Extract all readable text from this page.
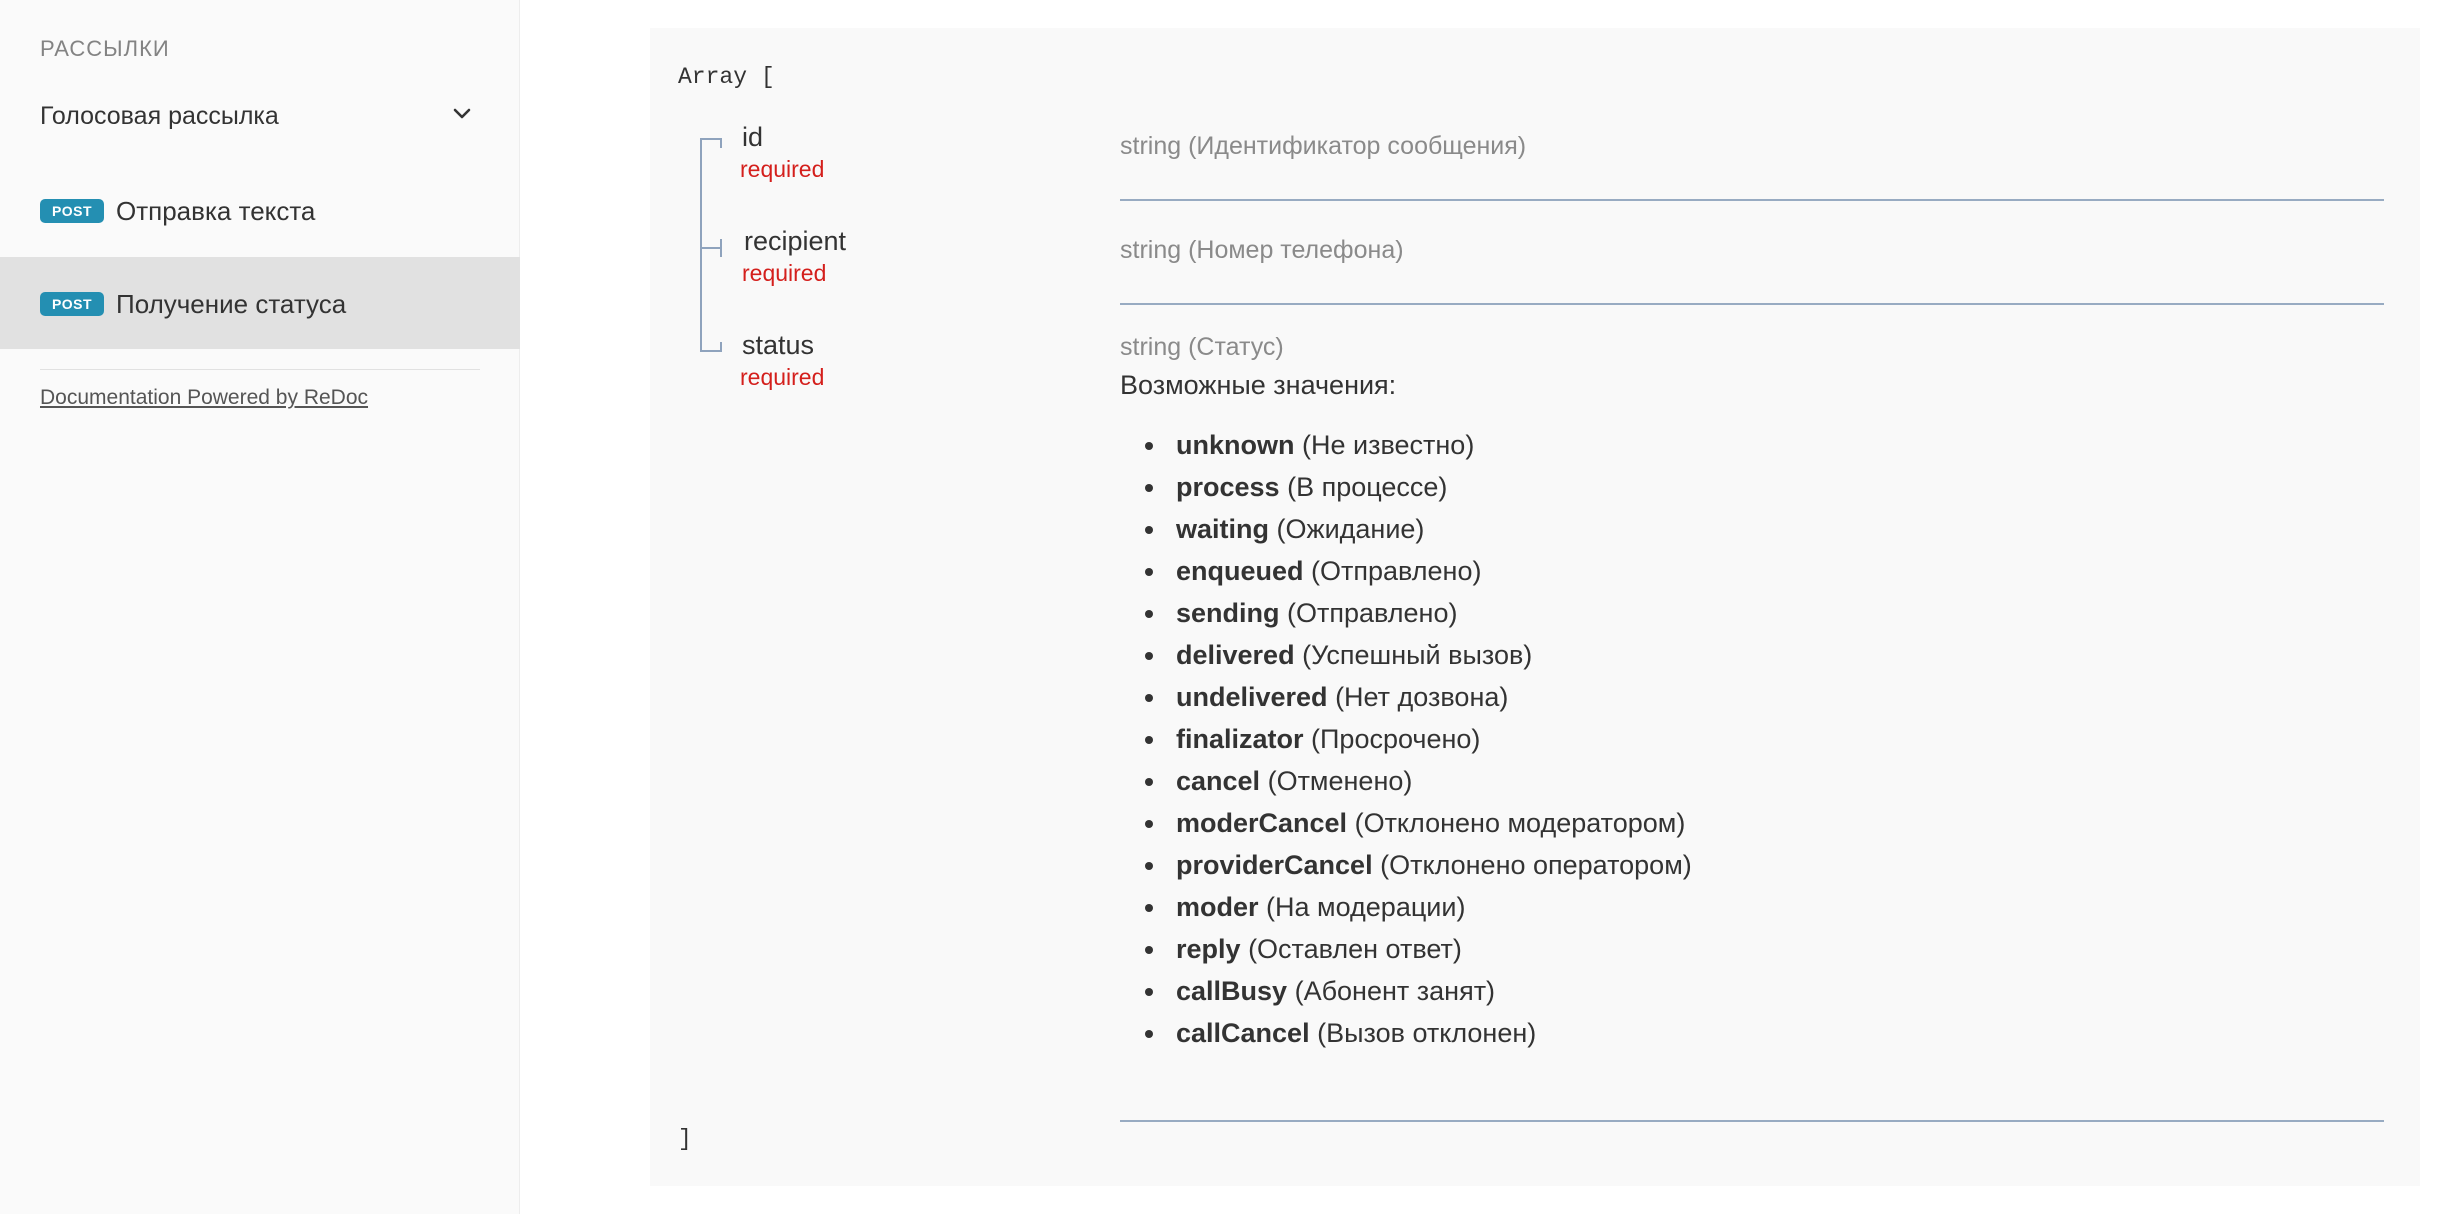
РАССЫЛКИ
Голосовая рассылка
POST Отправка текста
POST Получение статуса
Documentation Powered by ReDoc
Array [
id
required
string (Идентификатор сообщения)
recipient
required
string (Номер телефона)
status
required
string (Статус)
Возможные значения:
unknown (Не известно)
process (В процессе)
waiting (Ожидание)
enqueued (Отправлено)
sending (Отправлено)
delivered (Успешный вызов)
undelivered (Нет дозвона)
finalizator (Просрочено)
cancel (Отменено)
moderCancel (Отклонено модератором)
providerCancel (Отклонено оператором)
moder (На модерации)
reply (Оставлен ответ)
callBusy (Абонент занят)
callCancel (Вызов отклонен)
]
